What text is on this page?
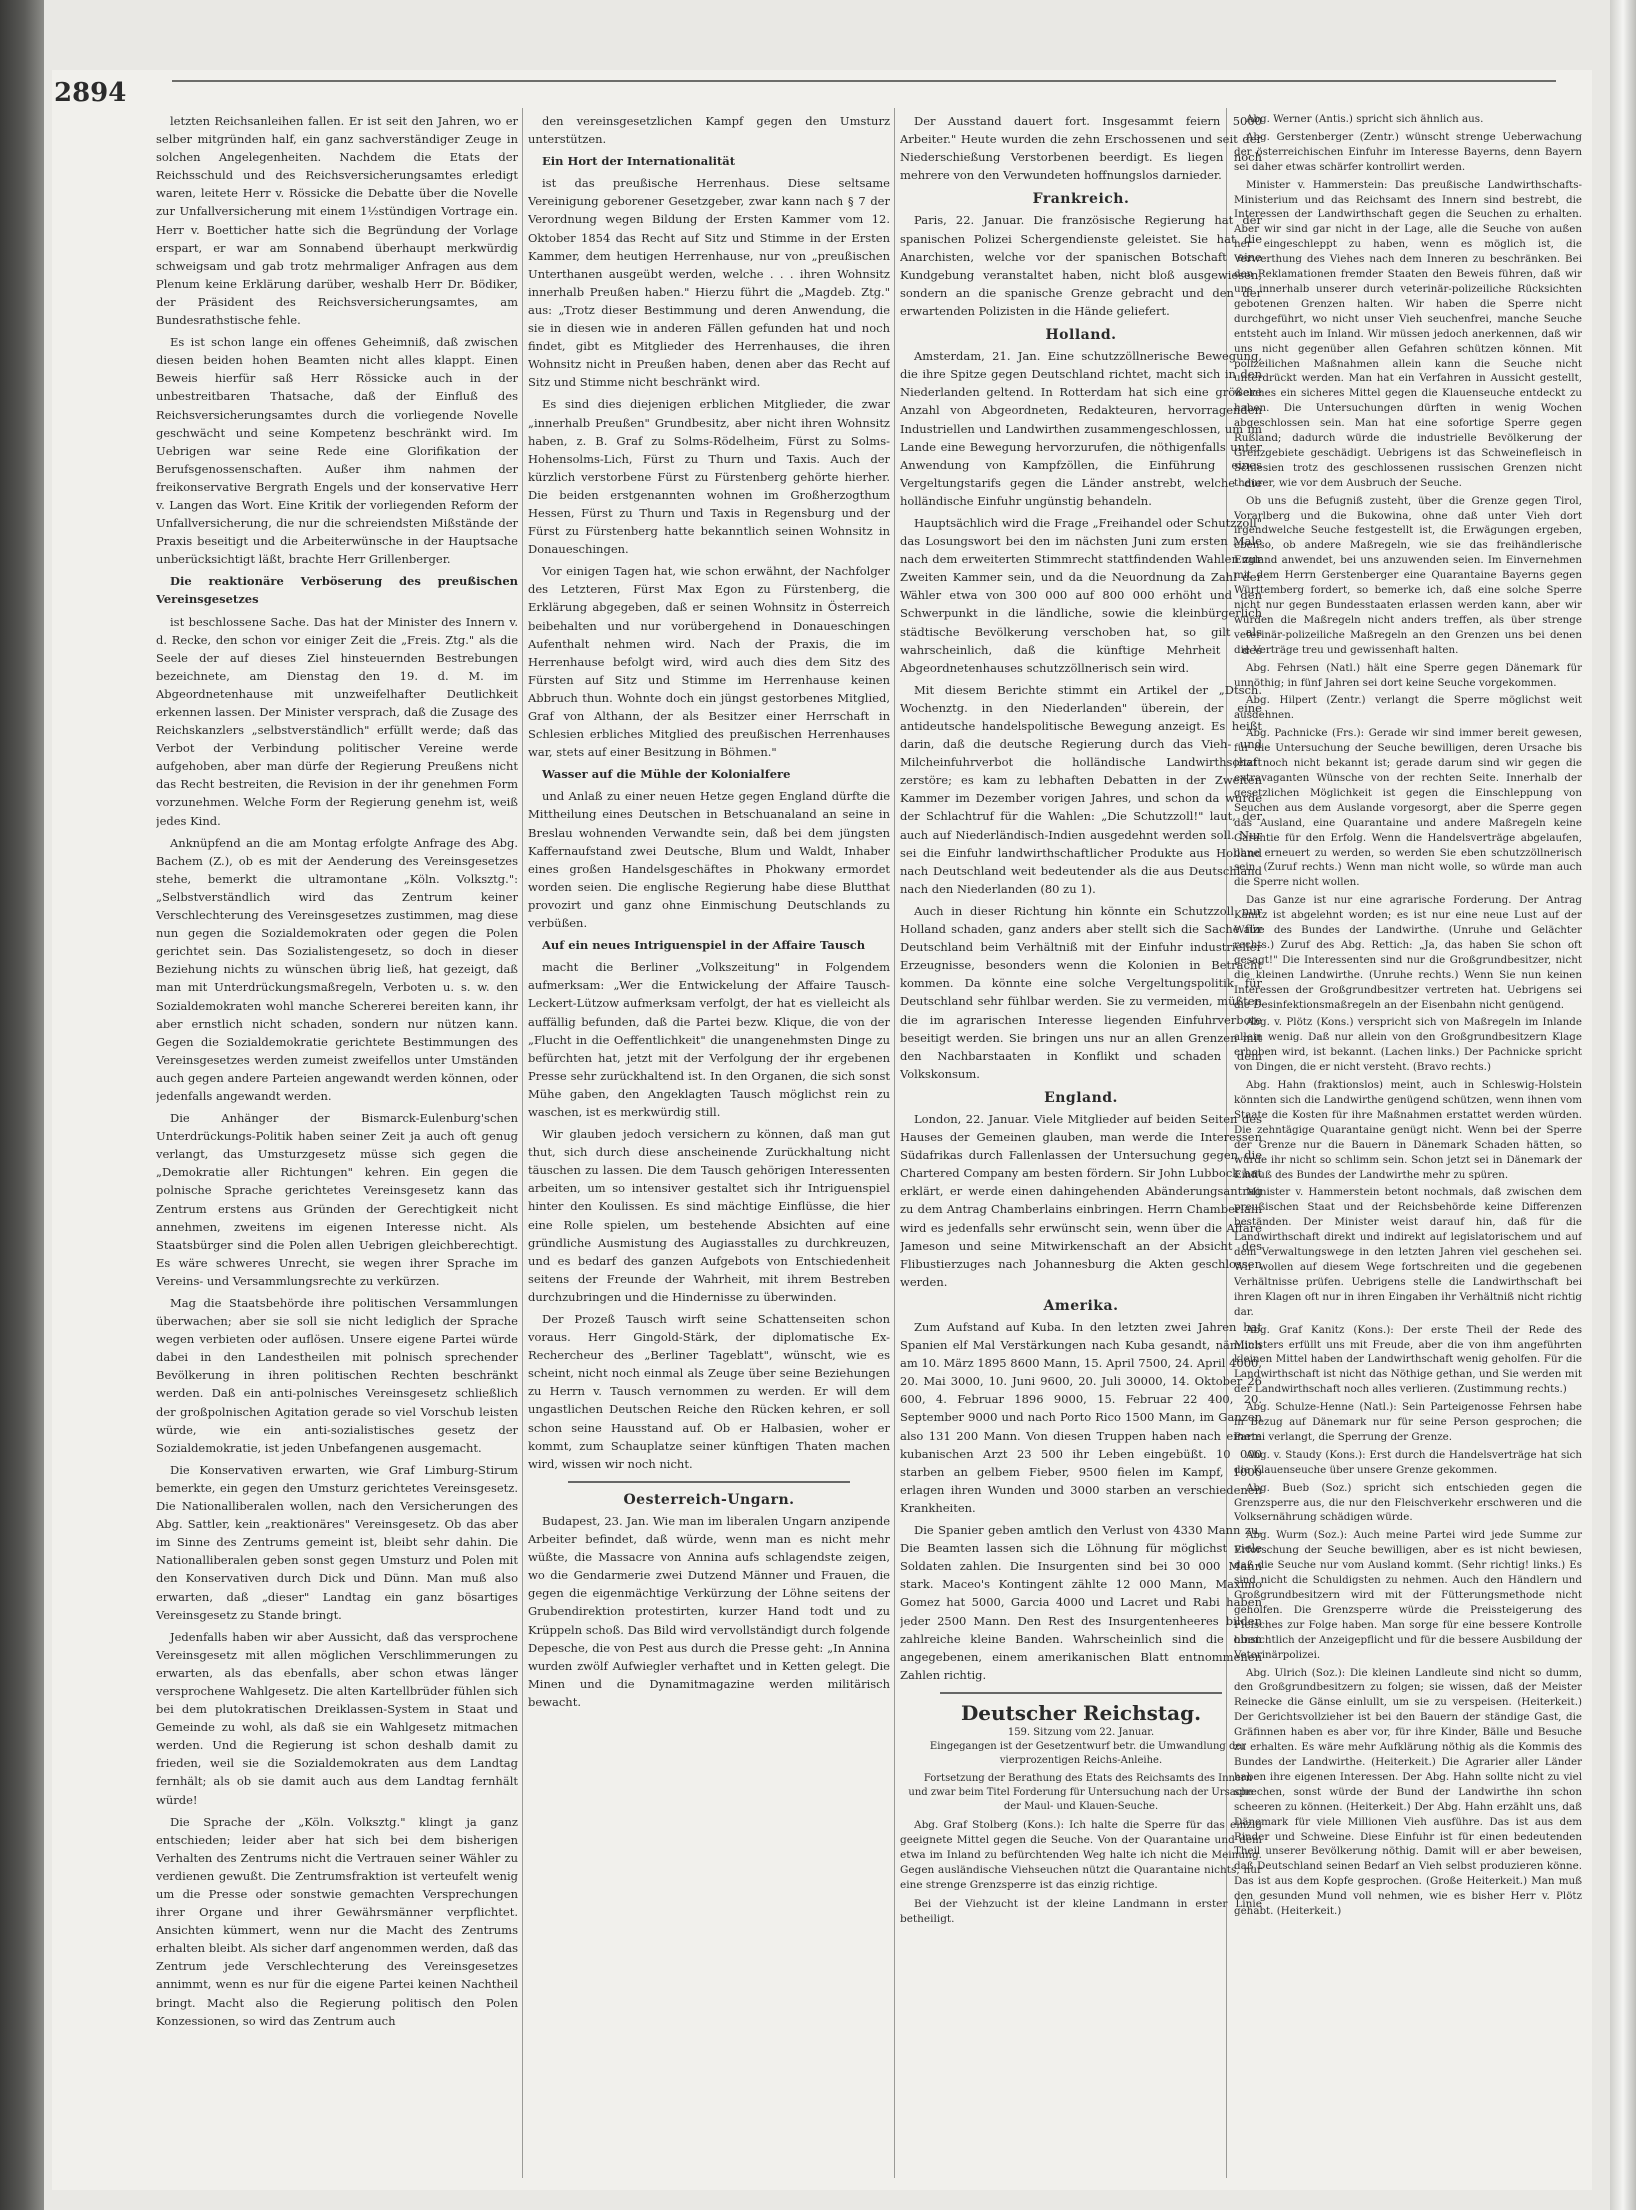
2894

letzten Reichsanleihen fallen. Er ist seit den Jahren, wo er selber mitgründen half, ein ganz sachverständiger Zeuge in solchen Angelegenheiten. Nachdem die Etats der Reichsschuld und des Reichsversicherungsamtes erledigt waren, leitete Herr v. Rössicke die Debatte über die Novelle zur Unfallversicherung mit einem 1½stündigen Vortrage ein. Herr v. Boetticher hatte sich die Begründung der Vorlage erspart, er war am Sonnabend überhaupt merkwürdig schweigsam und gab trotz mehrmaliger Anfragen aus dem Plenum keine Erklärung darüber, weshalb Herr Dr. Bödiker, der Präsident des Reichsversicherungsamtes, am Bundesrathstische fehle.

Es ist schon lange ein offenes Geheimniß, daß zwischen diesen beiden hohen Beamten nicht alles klappt. Einen Beweis hierfür saß Herr Rössicke auch in der unbestreitbaren Thatsache, daß der Einfluß des Reichsversicherungsamtes durch die vorliegende Novelle geschwächt und seine Kompetenz beschränkt wird. Im Uebrigen war seine Rede eine Glorifikation der Berufsgenossenschaften. Außer ihm nahmen der freikonservative Bergrath Engels und der konservative Herr v. Langen das Wort. Eine Kritik der vorliegenden Reform der Unfallversicherung, die nur die schreiendsten Mißstände der Praxis beseitigt und die Arbeiterwünsche in der Hauptsache unberücksichtigt läßt, brachte Herr Grillenberger.

Die reaktionäre Verböserung des preußischen Vereinsgesetzes

ist beschlossene Sache. Das hat der Minister des Innern v. d. Recke, den schon vor einiger Zeit die „Freis. Ztg." als die Seele der auf dieses Ziel hinsteuernden Bestrebungen bezeichnete, am Dienstag den 19. d. M. im Abgeordnetenhause mit unzweifelhafter Deutlichkeit erkennen lassen. Der Minister versprach, daß die Zusage des Reichskanzlers „selbstverständlich" erfüllt werde; daß das Verbot der Verbindung politischer Vereine werde aufgehoben, aber man dürfe der Regierung Preußens nicht das Recht bestreiten, die Revision in der ihr genehmen Form vorzunehmen. Welche Form der Regierung genehm ist, weiß jedes Kind.

Anknüpfend an die am Montag erfolgte Anfrage des Abg. Bachem (Z.), ob es mit der Aenderung des Vereinsgesetzes stehe, bemerkt die ultramontane „Köln. Volksztg.": „Selbstverständlich wird das Zentrum keiner Verschlechterung des Vereinsgesetzes zustimmen, mag diese nun gegen die Sozialdemokraten oder gegen die Polen gerichtet sein. Das Sozialistengesetz, so doch in dieser Beziehung nichts zu wünschen übrig ließ, hat gezeigt, daß man mit Unterdrückungsmaßregeln, Verboten u. s. w. den Sozialdemokraten wohl manche Schererei bereiten kann, ihr aber ernstlich nicht schaden, sondern nur nützen kann. Gegen die Sozialdemokratie gerichtete Bestimmungen des Vereinsgesetzes werden zumeist zweifellos unter Umständen auch gegen andere Parteien angewandt werden können, oder jedenfalls angewandt werden.

Die Anhänger der Bismarck-Eulenburg'schen Unterdrückungs-Politik haben seiner Zeit ja auch oft genug verlangt, das Umsturzgesetz müsse sich gegen die „Demokratie aller Richtungen" kehren. Ein gegen die polnische Sprache gerichtetes Vereinsgesetz kann das Zentrum erstens aus Gründen der Gerechtigkeit nicht annehmen, zweitens im eigenen Interesse nicht. Als Staatsbürger sind die Polen allen Uebrigen gleichberechtigt. Es wäre schweres Unrecht, sie wegen ihrer Sprache im Vereins- und Versammlungsrechte zu verkürzen.

Mag die Staatsbehörde ihre politischen Versammlungen überwachen; aber sie soll sie nicht lediglich der Sprache wegen verbieten oder auflösen. Unsere eigene Partei würde dabei in den Landestheilen mit polnisch sprechender Bevölkerung in ihren politischen Rechten beschränkt werden. Daß ein anti-polnisches Vereinsgesetz schließlich der großpolnischen Agitation gerade so viel Vorschub leisten würde, wie ein anti-sozialistisches gesetz der Sozialdemokratie, ist jeden Unbefangenen ausgemacht.

Die Konservativen erwarten, wie Graf Limburg-Stirum bemerkte, ein gegen den Umsturz gerichtetes Vereinsgesetz. Die Nationalliberalen wollen, nach den Versicherungen des Abg. Sattler, kein „reaktionäres" Vereinsgesetz. Ob das aber im Sinne des Zentrums gemeint ist, bleibt sehr dahin. Die Nationalliberalen geben sonst gegen Umsturz und Polen mit den Konservativen durch Dick und Dünn. Man muß also erwarten, daß „dieser" Landtag ein ganz bösartiges Vereinsgesetz zu Stande bringt.

Jedenfalls haben wir aber Aussicht, daß das versprochene Vereinsgesetz mit allen möglichen Verschlimmerungen zu erwarten, als das ebenfalls, aber schon etwas länger versprochene Wahlgesetz. Die alten Kartellbrüder fühlen sich bei dem plutokratischen Dreiklassen-System in Staat und Gemeinde zu wohl, als daß sie ein Wahlgesetz mitmachen werden. Und die Regierung ist schon deshalb damit zu frieden, weil sie die Sozialdemokraten aus dem Landtag fernhält; als ob sie damit auch aus dem Landtag fernhält würde!

Die Sprache der „Köln. Volksztg." klingt ja ganz entschieden; leider aber hat sich bei dem bisherigen Verhalten des Zentrums nicht die Vertrauen seiner Wähler zu verdienen gewußt. Die Zentrumsfraktion ist verteufelt wenig um die Presse oder sonstwie gemachten Versprechungen ihrer Organe und ihrer Gewährsmänner verpflichtet. Ansichten kümmert, wenn nur die Macht des Zentrums erhalten bleibt. Als sicher darf angenommen werden, daß das Zentrum jede Verschlechterung des Vereinsgesetzes annimmt, wenn es nur für die eigene Partei keinen Nachtheil bringt. Macht also die Regierung politisch den Polen Konzessionen, so wird das Zentrum auch

den vereinsgesetzlichen Kampf gegen den Umsturz unterstützen.

Ein Hort der Internationalität

ist das preußische Herrenhaus. Diese seltsame Vereinigung geborener Gesetzgeber, zwar kann nach § 7 der Verordnung wegen Bildung der Ersten Kammer vom 12. Oktober 1854 das Recht auf Sitz und Stimme in der Ersten Kammer, dem heutigen Herrenhause, nur von „preußischen Unterthanen ausgeübt werden, welche . . . ihren Wohnsitz innerhalb Preußen haben." Hierzu führt die „Magdeb. Ztg." aus: „Trotz dieser Bestimmung und deren Anwendung, die sie in diesen wie in anderen Fällen gefunden hat und noch findet, gibt es Mitglieder des Herrenhauses, die ihren Wohnsitz nicht in Preußen haben, denen aber das Recht auf Sitz und Stimme nicht beschränkt wird.

Es sind dies diejenigen erblichen Mitglieder, die zwar „innerhalb Preußen" Grundbesitz, aber nicht ihren Wohnsitz haben, z. B. Graf zu Solms-Rödelheim, Fürst zu Solms-Hohensolms-Lich, Fürst zu Thurn und Taxis. Auch der kürzlich verstorbene Fürst zu Fürstenberg gehörte hierher. Die beiden erstgenannten wohnen im Großherzogthum Hessen, Fürst zu Thurn und Taxis in Regensburg und der Fürst zu Fürstenberg hatte bekanntlich seinen Wohnsitz in Donaueschingen.

Vor einigen Tagen hat, wie schon erwähnt, der Nachfolger des Letzteren, Fürst Max Egon zu Fürstenberg, die Erklärung abgegeben, daß er seinen Wohnsitz in Österreich beibehalten und nur vorübergehend in Donaueschingen Aufenthalt nehmen wird. Nach der Praxis, die im Herrenhause befolgt wird, wird auch dies dem Sitz des Fürsten auf Sitz und Stimme im Herrenhause keinen Abbruch thun. Wohnte doch ein jüngst gestorbenes Mitglied, Graf von Althann, der als Besitzer einer Herrschaft in Schlesien erbliches Mitglied des preußischen Herrenhauses war, stets auf einer Besitzung in Böhmen."

Wasser auf die Mühle der Kolonialfere

und Anlaß zu einer neuen Hetze gegen England dürfte die Mittheilung eines Deutschen in Betschuanaland an seine in Breslau wohnenden Verwandte sein, daß bei dem jüngsten Kaffernaufstand zwei Deutsche, Blum und Waldt, Inhaber eines großen Handelsgeschäftes in Phokwany ermordet worden seien. Die englische Regierung habe diese Blutthat provozirt und ganz ohne Einmischung Deutschlands zu verbüßen.

Auf ein neues Intriguenspiel in der Affaire Tausch

macht die Berliner „Volkszeitung" in Folgendem aufmerksam: „Wer die Entwickelung der Affaire Tausch-Leckert-Lützow aufmerksam verfolgt, der hat es vielleicht als auffällig befunden, daß die Partei bezw. Klique, die von der „Flucht in die Oeffentlichkeit" die unangenehmsten Dinge zu befürchten hat, jetzt mit der Verfolgung der ihr ergebenen Presse sehr zurückhaltend ist. In den Organen, die sich sonst Mühe gaben, den Angeklagten Tausch möglichst rein zu waschen, ist es merkwürdig still.

Wir glauben jedoch versichern zu können, daß man gut thut, sich durch diese anscheinende Zurückhaltung nicht täuschen zu lassen. Die dem Tausch gehörigen Interessenten arbeiten, um so intensiver gestaltet sich ihr Intriguenspiel hinter den Koulissen. Es sind mächtige Einflüsse, die hier eine Rolle spielen, um bestehende Absichten auf eine gründliche Ausmistung des Augiasstalles zu durchkreuzen, und es bedarf des ganzen Aufgebots von Entschiedenheit seitens der Freunde der Wahrheit, mit ihrem Bestreben durchzubringen und die Hindernisse zu überwinden.

Der Prozeß Tausch wirft seine Schattenseiten schon voraus. Herr Gingold-Stärk, der diplomatische Ex-Rechercheur des „Berliner Tageblatt", wünscht, wie es scheint, nicht noch einmal als Zeuge über seine Beziehungen zu Herrn v. Tausch vernommen zu werden. Er will dem ungastlichen Deutschen Reiche den Rücken kehren, er soll schon seine Hausstand auf. Ob er Halbasien, woher er kommt, zum Schauplatze seiner künftigen Thaten machen wird, wissen wir noch nicht.

Oesterreich-Ungarn.

Budapest, 23. Jan. Wie man im liberalen Ungarn anzipende Arbeiter befindet, daß würde, wenn man es nicht mehr wüßte, die Massacre von Annina aufs schlagendste zeigen, wo die Gendarmerie zwei Dutzend Männer und Frauen, die gegen die eigenmächtige Verkürzung der Löhne seitens der Grubendirektion protestirten, kurzer Hand todt und zu Krüppeln schoß. Das Bild wird vervollständigt durch folgende Depesche, die von Pest aus durch die Presse geht: „In Annina wurden zwölf Aufwiegler verhaftet und in Ketten gelegt. Die Minen und die Dynamitmagazine werden militärisch bewacht.

Der Ausstand dauert fort. Insgesammt feiern 5000 Arbeiter." Heute wurden die zehn Erschossenen und seit der Niederschießung Verstorbenen beerdigt. Es liegen noch mehrere von den Verwundeten hoffnungslos darnieder.

Frankreich.

Paris, 22. Januar. Die französische Regierung hat der spanischen Polizei Schergendienste geleistet. Sie hat die Anarchisten, welche vor der spanischen Botschaft eine Kundgebung veranstaltet haben, nicht bloß ausgewiesen, sondern an die spanische Grenze gebracht und den der erwartenden Polizisten in die Hände geliefert.

Holland.

Amsterdam, 21. Jan. Eine schutzzöllnerische Bewegung, die ihre Spitze gegen Deutschland richtet, macht sich in den Niederlanden geltend. In Rotterdam hat sich eine größere Anzahl von Abgeordneten, Redakteuren, hervorragenden Industriellen und Landwirthen zusammengeschlossen, um im Lande eine Bewegung hervorzurufen, die nöthigenfalls unter Anwendung von Kampfzöllen, die Einführung eines Vergeltungstarifs gegen die Länder anstrebt, welche die holländische Einfuhr ungünstig behandeln.

Hauptsächlich wird die Frage „Freihandel oder Schutzzoll" das Losungswort bei den im nächsten Juni zum ersten Male nach dem erweiterten Stimmrecht stattfindenden Wahlen zur Zweiten Kammer sein, und da die Neuordnung da Zahl der Wähler etwa von 300 000 auf 800 000 erhöht und den Schwerpunkt in die ländliche, sowie die kleinbürgerlich städtische Bevölkerung verschoben hat, so gilt als wahrscheinlich, daß die künftige Mehrheit des Abgeordnetenhauses schutzzöllnerisch sein wird.

Mit diesem Berichte stimmt ein Artikel der „Dtsch. Wochenztg. in den Niederlanden" überein, der eine antideutsche handelspolitische Bewegung anzeigt. Es heißt darin, daß die deutsche Regierung durch das Vieh- und Milcheinfuhrverbot die holländische Landwirthschaft zerstöre; es kam zu lebhaften Debatten in der Zweiten Kammer im Dezember vorigen Jahres, und schon da wurde der Schlachtruf für die Wahlen: „Die Schutzzoll!" laut, der auch auf Niederländisch-Indien ausgedehnt werden soll. Nur sei die Einfuhr landwirthschaftlicher Produkte aus Holland nach Deutschland weit bedeutender als die aus Deutschland nach den Niederlanden (80 zu 1).

Auch in dieser Richtung hin könnte ein Schutzzoll nur Holland schaden, ganz anders aber stellt sich die Sache für Deutschland beim Verhältniß mit der Einfuhr industrieller Erzeugnisse, besonders wenn die Kolonien in Betracht kommen. Da könnte eine solche Vergeltungspolitik für Deutschland sehr fühlbar werden. Sie zu vermeiden, müßten die im agrarischen Interesse liegenden Einfuhrverbote beseitigt werden. Sie bringen uns nur an allen Grenzen mit den Nachbarstaaten in Konflikt und schaden dem Volkskonsum.

England.

London, 22. Januar. Viele Mitglieder auf beiden Seiten des Hauses der Gemeinen glauben, man werde die Interessen Südafrikas durch Fallenlassen der Untersuchung gegen die Chartered Company am besten fördern. Sir John Lubbock hat erklärt, er werde einen dahingehenden Abänderungsantrag zu dem Antrag Chamberlains einbringen. Herrn Chamberlain wird es jedenfalls sehr erwünscht sein, wenn über die Affäre Jameson und seine Mitwirkenschaft an der Absicht des Flibustierzuges nach Johannesburg die Akten geschlossen werden.

Amerika.

Zum Aufstand auf Kuba. In den letzten zwei Jahren hat Spanien elf Mal Verstärkungen nach Kuba gesandt, nämlich am 10. März 1895 8600 Mann, 15. April 7500, 24. April 4000, 20. Mai 3000, 10. Juni 9600, 20. Juli 30000, 14. Oktober 26 600, 4. Februar 1896 9000, 15. Februar 22 400, 20. September 9000 und nach Porto Rico 1500 Mann, im Ganzen also 131 200 Mann. Von diesen Truppen haben nach einem kubanischen Arzt 23 500 ihr Leben eingebüßt. 10 000 starben an gelbem Fieber, 9500 fielen im Kampf, 1000 erlagen ihren Wunden und 3000 starben an verschiedenen Krankheiten.

Die Spanier geben amtlich den Verlust von 4330 Mann zu. Die Beamten lassen sich die Löhnung für möglichst viele Soldaten zahlen. Die Insurgenten sind bei 30 000 Mann stark. Maceo's Kontingent zählte 12 000 Mann, Maximo Gomez hat 5000, Garcia 4000 und Lacret und Rabi haben jeder 2500 Mann. Den Rest des Insurgentenheeres bilden zahlreiche kleine Banden. Wahrscheinlich sind die oben angegebenen, einem amerikanischen Blatt entnommenen Zahlen richtig.

Deutscher Reichstag.
159. Sitzung vom 22. Januar.

Eingegangen ist der Gesetzentwurf betr. die Umwandlung der vierprozentigen Reichs-Anleihe.

Fortsetzung der Berathung des Etats des Reichsamts des Innern und zwar beim Titel Forderung für Untersuchung nach der Ursache der Maul- und Klauen-Seuche.

Abg. Graf Stolberg (Kons.): Ich halte die Sperre für das einzig geeignete Mittel gegen die Seuche. Von der Quarantaine und dem etwa im Inland zu befürchtenden Weg halte ich nicht die Meinung. Gegen ausländische Viehseuchen nützt die Quarantaine nichts, nur eine strenge Grenzsperre ist das einzig richtige.

Bei der Viehzucht ist der kleine Landmann in erster Linie betheiligt.

Abg. Werner (Antis.) spricht sich ähnlich aus.

Abg. Gerstenberger (Zentr.) wünscht strenge Ueberwachung der österreichischen Einfuhr im Interesse Bayerns, denn Bayern sei daher etwas schärfer kontrollirt werden.

Minister v. Hammerstein: Das preußische Landwirthschafts-Ministerium und das Reichsamt des Innern sind bestrebt, die Interessen der Landwirthschaft gegen die Seuchen zu erhalten. Aber wir sind gar nicht in der Lage, alle die Seuche von außen her eingeschleppt zu haben, wenn es möglich ist, die Verwerthung des Viehes nach dem Inneren zu beschränken. Bei den Reklamationen fremder Staaten den Beweis führen, daß wir uns innerhalb unserer durch veterinär-polizeiliche Rücksichten gebotenen Grenzen halten. Wir haben die Sperre nicht durchgeführt, wo nicht unser Vieh seuchenfrei, manche Seuche entsteht auch im Inland. Wir müssen jedoch anerkennen, daß wir uns nicht gegenüber allen Gefahren schützen können. Mit polizeilichen Maßnahmen allein kann die Seuche nicht unterdrückt werden. Man hat ein Verfahren in Aussicht gestellt, welches ein sicheres Mittel gegen die Klauenseuche entdeckt zu haben. Die Untersuchungen dürften in wenig Wochen abgeschlossen sein. Man hat eine sofortige Sperre gegen Rußland; dadurch würde die industrielle Bevölkerung der Grenzgebiete geschädigt. Uebrigens ist das Schweinefleisch in Schlesien trotz des geschlossenen russischen Grenzen nicht theurer, wie vor dem Ausbruch der Seuche.

Ob uns die Befugniß zusteht, über die Grenze gegen Tirol, Vorarlberg und die Bukowina, ohne daß unter Vieh dort irgendwelche Seuche festgestellt ist, die Erwägungen ergeben, ebenso, ob andere Maßregeln, wie sie das freihändlerische England anwendet, bei uns anzuwenden seien. Im Einvernehmen mit dem Herrn Gerstenberger eine Quarantaine Bayerns gegen Württemberg fordert, so bemerke ich, daß eine solche Sperre nicht nur gegen Bundesstaaten erlassen werden kann, aber wir würden die Maßregeln nicht anders treffen, als über strenge veterinär-polizeiliche Maßregeln an den Grenzen uns bei denen die Verträge treu und gewissenhaft halten.

Abg. Fehrsen (Natl.) hält eine Sperre gegen Dänemark für unnöthig; in fünf Jahren sei dort keine Seuche vorgekommen.

Abg. Hilpert (Zentr.) verlangt die Sperre möglichst weit ausdehnen.

Abg. Pachnicke (Frs.): Gerade wir sind immer bereit gewesen, für die Untersuchung der Seuche bewilligen, deren Ursache bis jetzt noch nicht bekannt ist; gerade darum sind wir gegen die extravaganten Wünsche von der rechten Seite. Innerhalb der gesetzlichen Möglichkeit ist gegen die Einschleppung von Seuchen aus dem Auslande vorgesorgt, aber die Sperre gegen das Ausland, eine Quarantaine und andere Maßregeln keine Garantie für den Erfolg. Wenn die Handelsverträge abgelaufen, ohne erneuert zu werden, so werden Sie eben schutzzöllnerisch sein. (Zuruf rechts.) Wenn man nicht wolle, so würde man auch die Sperre nicht wollen.

Das Ganze ist nur eine agrarische Forderung. Der Antrag Kanitz ist abgelehnt worden; es ist nur eine neue Lust auf der Walze des Bundes der Landwirthe. (Unruhe und Gelächter rechts.) Zuruf des Abg. Rettich: „Ja, das haben Sie schon oft gesagt!" Die Interessenten sind nur die Großgrundbesitzer, nicht die kleinen Landwirthe. (Unruhe rechts.) Wenn Sie nun keinen Interessen der Großgrundbesitzer vertreten hat. Uebrigens sei die Desinfektionsmaßregeln an der Eisenbahn nicht genügend.

Abg. v. Plötz (Kons.) verspricht sich von Maßregeln im Inlande allein wenig. Daß nur allein von den Großgrundbesitzern Klage erhoben wird, ist bekannt. (Lachen links.) Der Pachnicke spricht von Dingen, die er nicht versteht. (Bravo rechts.)

Abg. Hahn (fraktionslos) meint, auch in Schleswig-Holstein könnten sich die Landwirthe genügend schützen, wenn ihnen vom Staate die Kosten für ihre Maßnahmen erstattet werden würden. Die zehntägige Quarantaine genügt nicht. Wenn bei der Sperre der Grenze nur die Bauern in Dänemark Schaden hätten, so würde ihr nicht so schlimm sein. Schon jetzt sei in Dänemark der Einfluß des Bundes der Landwirthe mehr zu spüren.

Minister v. Hammerstein betont nochmals, daß zwischen dem preußischen Staat und der Reichsbehörde keine Differenzen beständen. Der Minister weist darauf hin, daß für die Landwirthschaft direkt und indirekt auf legislatorischem und auf dem Verwaltungswege in den letzten Jahren viel geschehen sei. Wir wollen auf diesem Wege fortschreiten und die gegebenen Verhältnisse prüfen. Uebrigens stelle die Landwirthschaft bei ihren Klagen oft nur in ihren Eingaben ihr Verhältniß nicht richtig dar.

Abg. Graf Kanitz (Kons.): Der erste Theil der Rede des Ministers erfüllt uns mit Freude, aber die von ihm angeführten kleinen Mittel haben der Landwirthschaft wenig geholfen. Für die Landwirthschaft ist nicht das Nöthige gethan, und Sie werden mit der Landwirthschaft noch alles verlieren. (Zustimmung rechts.)

Abg. Schulze-Henne (Natl.): Sein Parteigenosse Fehrsen habe in Bezug auf Dänemark nur für seine Person gesprochen; die Partei verlangt, die Sperrung der Grenze.

Abg. v. Staudy (Kons.): Erst durch die Handelsverträge hat sich die Klauenseuche über unsere Grenze gekommen.

Abg. Bueb (Soz.) spricht sich entschieden gegen die Grenzsperre aus, die nur den Fleischverkehr erschweren und die Volksernährung schädigen würde.

Abg. Wurm (Soz.): Auch meine Partei wird jede Summe zur Erforschung der Seuche bewilligen, aber es ist nicht bewiesen, daß die Seuche nur vom Ausland kommt. (Sehr richtig! links.) Es sind nicht die Schuldigsten zu nehmen. Auch den Händlern und Großgrundbesitzern wird mit der Fütterungsmethode nicht geholfen. Die Grenzsperre würde die Preissteigerung des Fleisches zur Folge haben. Man sorge für eine bessere Kontrolle hinsichtlich der Anzeigepflicht und für die bessere Ausbildung der Veterinärpolizei.

Abg. Ulrich (Soz.): Die kleinen Landleute sind nicht so dumm, den Großgrundbesitzern zu folgen; sie wissen, daß der Meister Reinecke die Gänse einlullt, um sie zu verspeisen. (Heiterkeit.) Der Gerichtsvollzieher ist bei den Bauern der ständige Gast, die Gräfinnen haben es aber vor, für ihre Kinder, Bälle und Besuche zu erhalten. Es wäre mehr Aufklärung nöthig als die Kommis des Bundes der Landwirthe. (Heiterkeit.) Die Agrarier aller Länder haben ihre eigenen Interessen. Der Abg. Hahn sollte nicht zu viel sprechen, sonst würde der Bund der Landwirthe ihn schon scheeren zu können. (Heiterkeit.) Der Abg. Hahn erzählt uns, daß Dänemark für viele Millionen Vieh ausführe. Das ist aus dem Rinder und Schweine. Diese Einfuhr ist für einen bedeutenden Theil unserer Bevölkerung nöthig. Damit will er aber beweisen, daß Deutschland seinen Bedarf an Vieh selbst produzieren könne. Das ist aus dem Kopfe gesprochen. (Große Heiterkeit.) Man muß den gesunden Mund voll nehmen, wie es bisher Herr v. Plötz gehabt. (Heiterkeit.)
